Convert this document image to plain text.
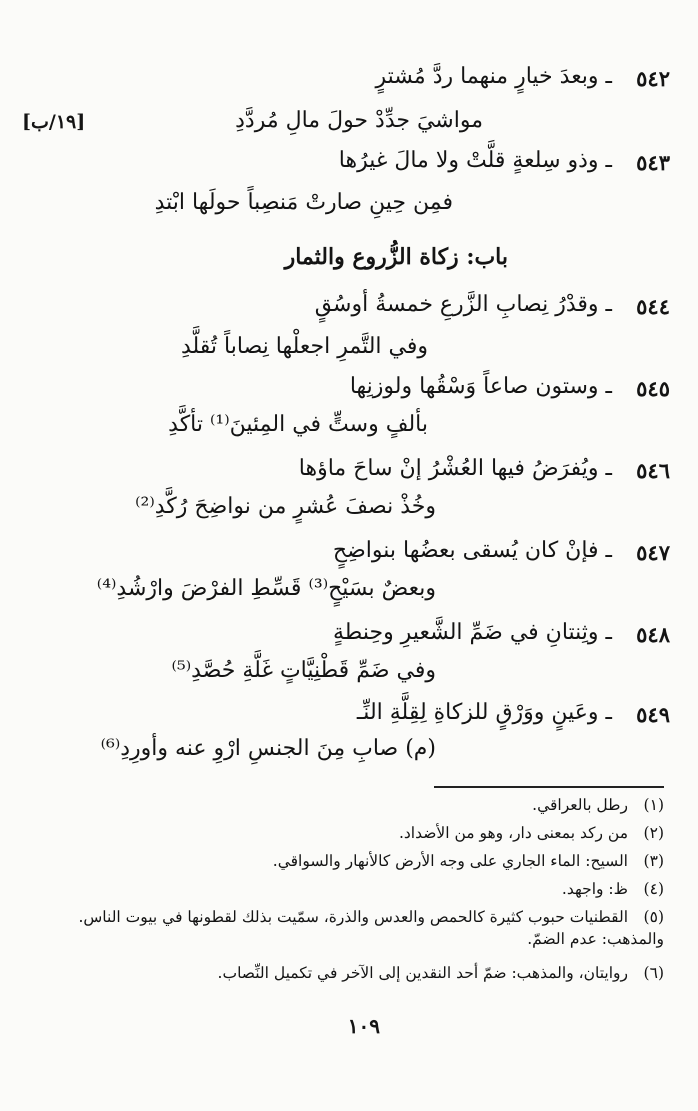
٥٤٢
ـ وبعدَ خيارٍ منهما ردَّ مُشترٍ
مواشيَ جدِّدْ حولَ مالِ مُردَّدِ
[١٩/ب]
٥٤٣
ـ وذو سِلعةٍ قلَّتْ ولا مالَ غيرُها
فمِن حِينِ صارتْ مَنصِباً حولَها ابْتدِ
باب: زكاة الزُّروع والثمار
٥٤٤
ـ وقدْرُ نِصابِ الزَّرعِ خمسةُ أوسُقٍ
وفي التَّمرِ اجعلْها نِصاباً تُقلَّدِ
٥٤٥
ـ وستون صاعاً وَسْقُها ولوزنِها
بألفٍ وستٍّ في المِئينَ⁽¹⁾ تأكَّدِ
٥٤٦
ـ ويُفرَضُ فيها العُشْرُ إنْ ساحَ ماؤها
وخُذْ نصفَ عُشرٍ من نواضِحَ رُكَّدِ⁽²⁾
٥٤٧
ـ فإنْ كان يُسقى بعضُها بنواضِحٍ
وبعضٌ بسَيْحٍ⁽³⁾ قَسِّطِ الفرْضَ وارْشُدِ⁽⁴⁾
٥٤٨
ـ وثِنتانِ في ضَمِّ الشَّعيرِ وحِنطةٍ
وفي ضَمِّ قَطْنِيَّاتٍ غَلَّةِ حُصَّدِ⁽⁵⁾
٥٤٩
ـ وعَينٍ ووَرْقٍ للزكاةِ لِقِلَّةِ النِّـ
(م) صابِ مِنَ الجنسِ ارْوِ عنه وأورِدِ⁽⁶⁾
(١)رطل بالعراقي.
(٢)من ركد بمعنى دار، وهو من الأضداد.
(٣)السيح: الماء الجاري على وجه الأرض كالأنهار والسواقي.
(٤)ظ: واجهد.
(٥)القطنيات حبوب كثيرة كالحمص والعدس والذرة، سمّيت بذلك لقطونها في بيوت الناس. والمذهب: عدم الضمّ.
(٦)روايتان، والمذهب: ضمّ أحد النقدين إلى الآخر في تكميل النِّصاب.
١٠٩
